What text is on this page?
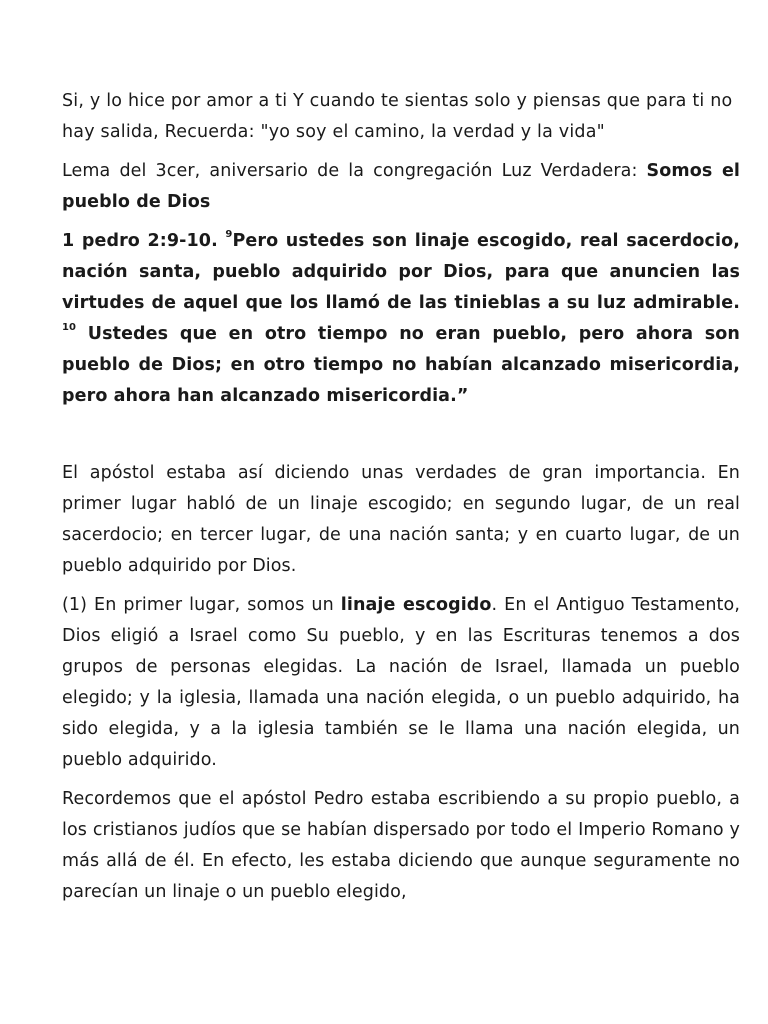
Si, y lo hice por amor a ti Y cuando te sientas solo y piensas que para ti no hay salida, Recuerda: "yo soy el camino, la verdad y la vida"

Lema del 3cer, aniversario de la congregación Luz Verdadera: Somos el pueblo de Dios

1 pedro 2:9-10. $^9$Pero ustedes son linaje escogido, real sacerdocio, nación santa, pueblo adquirido por Dios, para que anuncien las virtudes de aquel que los llamó de las tinieblas a su luz admirable. $^{10}$ Ustedes que en otro tiempo no eran pueblo, pero ahora son pueblo de Dios; en otro tiempo no habían alcanzado misericordia, pero ahora han alcanzado misericordia.”

El apóstol estaba así diciendo unas verdades de gran importancia. En primer lugar habló de un linaje escogido; en segundo lugar, de un real sacerdocio; en tercer lugar, de una nación santa; y en cuarto lugar, de un pueblo adquirido por Dios.

(1) En primer lugar, somos un linaje escogido. En el Antiguo Testamento, Dios eligió a Israel como Su pueblo, y en las Escrituras tenemos a dos grupos de personas elegidas. La nación de Israel, llamada un pueblo elegido; y la iglesia, llamada una nación elegida, o un pueblo adquirido, ha sido elegida, y a la iglesia también se le llama una nación elegida, un pueblo adquirido.

Recordemos que el apóstol Pedro estaba escribiendo a su propio pueblo, a los cristianos judíos que se habían dispersado por todo el Imperio Romano y más allá de él. En efecto, les estaba diciendo que aunque seguramente no parecían un linaje o un pueblo elegido,
